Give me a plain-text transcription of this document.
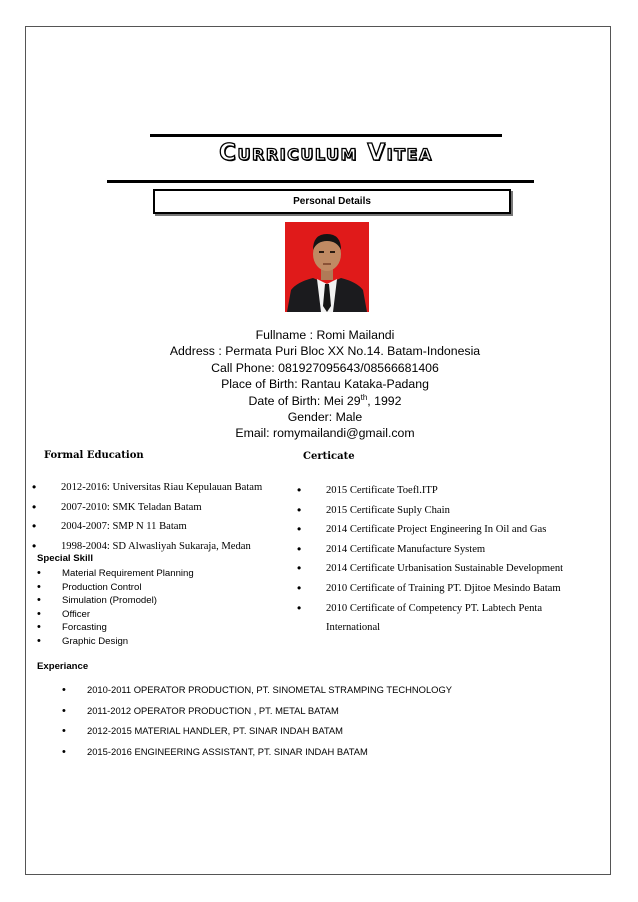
Curriculum Vitea
Personal Details
Fullname : Romi Mailandi
Address : Permata Puri Bloc XX No.14. Batam-Indonesia
Call Phone: 081927095643/08566681406
Place of Birth: Rantau Kataka-Padang
Date of Birth: Mei 29th, 1992
Gender: Male
Email: romymailandi@gmail.com
Formal Education
• 2012-2016: Universitas Riau Kepulauan Batam
• 2007-2010: SMK Teladan Batam
• 2004-2007: SMP N 11 Batam
• 1998-2004: SD Alwasliyah Sukaraja, Medan
Special Skill
• Material Requirement Planning
• Production Control
• Simulation (Promodel)
• Officer
• Forcasting
• Graphic Design
Certicate
• 2015 Certificate Toefl.ITP
• 2015 Certificate Suply Chain
• 2014 Certificate Project Engineering In Oil and Gas
• 2014 Certificate Manufacture System
• 2014 Certificate Urbanisation Sustainable Development
• 2010 Certificate of Training PT. Djitoe Mesindo Batam
• 2010 Certificate of Competency PT. Labtech Penta International
Experiance
• 2010-2011 OPERATOR PRODUCTION, PT. SINOMETAL STRAMPING TECHNOLOGY
• 2011-2012 OPERATOR PRODUCTION , PT. METAL BATAM
• 2012-2015 MATERIAL HANDLER, PT. SINAR INDAH BATAM
• 2015-2016 ENGINEERING ASSISTANT, PT. SINAR INDAH BATAM
